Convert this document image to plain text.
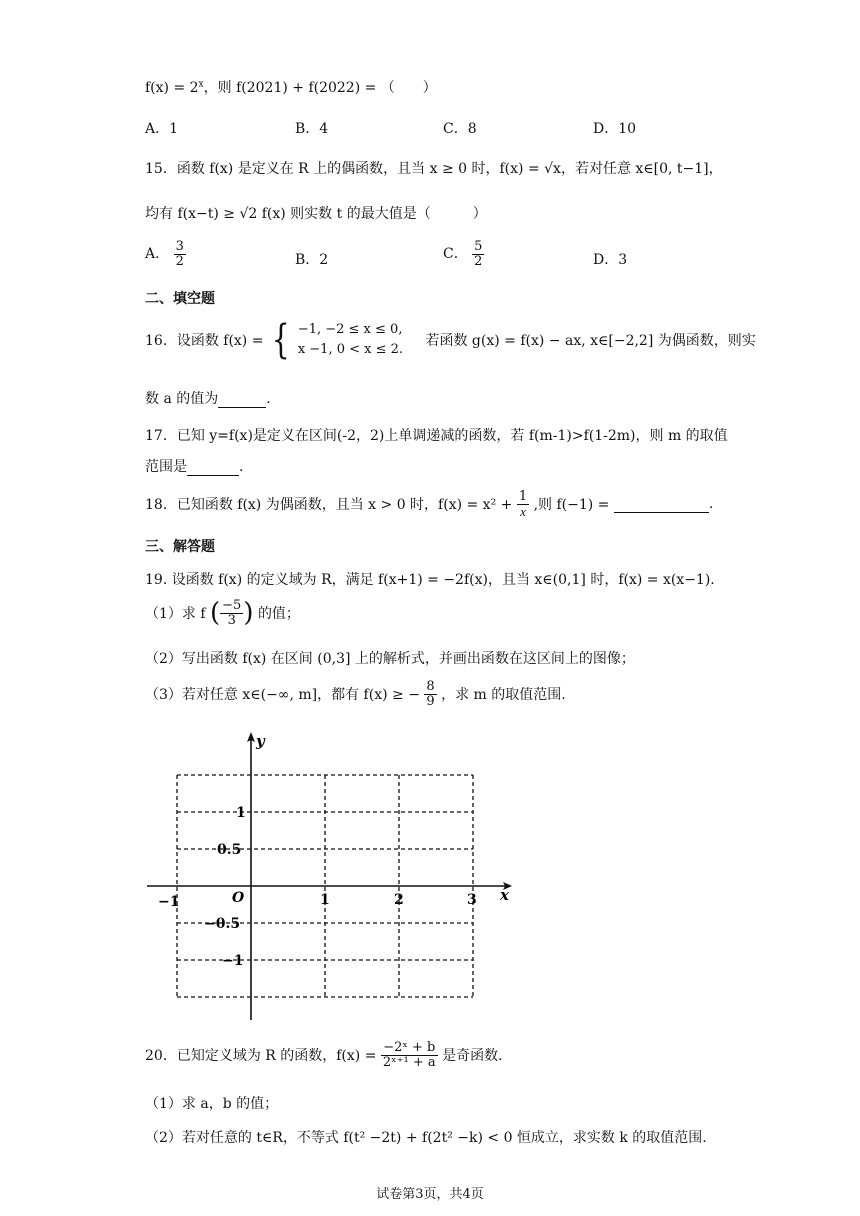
$f(x) = 2^x$，则 f(2021) + f(2022) = （　　）
A．1	B．4	C．8	D．10
15．函数 f(x) 是定义在 R 上的偶函数，且当 x ≥ 0 时，f(x) = √x，若对任意 x∈[0, t−1]，
均有 f(x−t) ≥ √2 f(x) 则实数 t 的最大值是（　　　）
A． $\frac{3}{2}$	B．2	C． $\frac{5}{2}$	D．3
二、填空题
16．设函数 f(x) = { −1, −2 ≤ x ≤ 0,
x −1, 0 < x ≤ 2.
若函数 g(x) = f(x) − ax, x∈[−2,2] 为偶函数，则实
数 a 的值为	.
17．已知 y=f(x)是定义在区间(-2，2)上单调递减的函数，若 f(m-1)>f(1-2m)，则 m 的取值
范围是	.
18．已知函数 f(x) 为偶函数，且当 x > 0 时，$f(x) = x^2 + \frac{1}{x}$ ,则 f(−1) =	.
三、解答题
19. 设函数 f(x) 的定义域为 R，满足 f(x+1) = −2f(x)，且当 x∈(0,1] 时，f(x) = x(x−1).
（1）求 f ( $\frac{-5}{3}$ ) 的值；
（2）写出函数 f(x) 在区间 (0,3] 上的解析式，并画出函数在这区间上的图像；
（3）若对任意 x∈(−∞, m]，都有 f(x) ≥ − $\frac{8}{9}$ ，求 m 的取值范围.
y
x
O
−1	1	2	3
1
0.5
−0.5
−1
20．已知定义域为 R 的函数，$f(x) = \frac{\text{−2ˣ + b}}{\text{2ˣ⁺¹ + a}}$ 是奇函数.
（1）求 a，b 的值；
（2）若对任意的 t∈R，不等式 f(t² −2t) + f(2t² −k) < 0 恒成立，求实数 k 的取值范围.
试卷第3页，共4页
